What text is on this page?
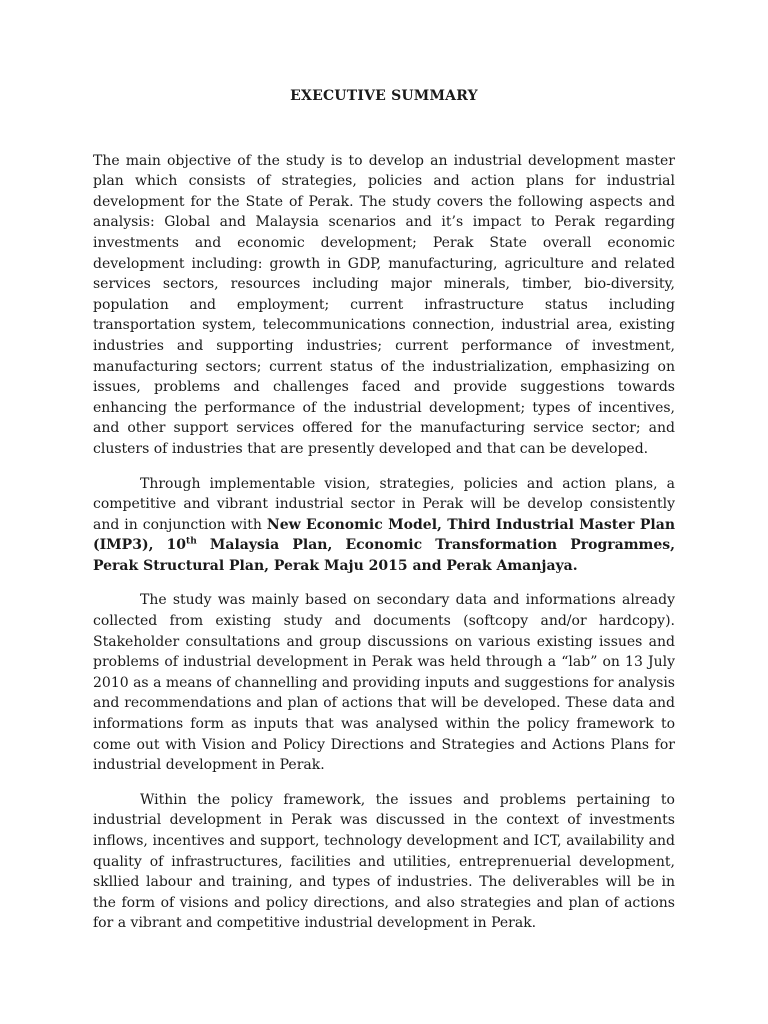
EXECUTIVE SUMMARY

The main objective of the study is to develop an industrial development master plan which consists of strategies, policies and action plans for industrial development for the State of Perak. The study covers the following aspects and analysis: Global and Malaysia scenarios and it’s impact to Perak regarding investments and economic development; Perak State overall economic development including: growth in GDP, manufacturing, agriculture and related services sectors, resources including major minerals, timber, bio-diversity, population and employment; current infrastructure status including transportation system, telecommunications connection, industrial area, existing industries and supporting industries; current performance of investment, manufacturing sectors; current status of the industrialization, emphasizing on issues, problems and challenges faced and provide suggestions towards enhancing the performance of the industrial development; types of incentives, and other support services offered for the manufacturing service sector; and clusters of industries that are presently developed and that can be developed.

Through implementable vision, strategies, policies and action plans, a competitive and vibrant industrial sector in Perak will be develop consistently and in conjunction with New Economic Model, Third Industrial Master Plan (IMP3), 10th Malaysia Plan, Economic Transformation Programmes, Perak Structural Plan, Perak Maju 2015 and Perak Amanjaya.

The study was mainly based on secondary data and informations already collected from existing study and documents (softcopy and/or hardcopy). Stakeholder consultations and group discussions on various existing issues and problems of industrial development in Perak was held through a “lab” on 13 July 2010 as a means of channelling and providing inputs and suggestions for analysis and recommendations and plan of actions that will be developed. These data and informations form as inputs that was analysed within the policy framework to come out with Vision and Policy Directions and Strategies and Actions Plans for industrial development in Perak.

Within the policy framework, the issues and problems pertaining to industrial development in Perak was discussed in the context of investments inflows, incentives and support, technology development and ICT, availability and quality of infrastructures, facilities and utilities, entreprenuerial development, skllied labour and training, and types of industries. The deliverables will be in the form of visions and policy directions, and also strategies and plan of actions for a vibrant and competitive industrial development in Perak.
